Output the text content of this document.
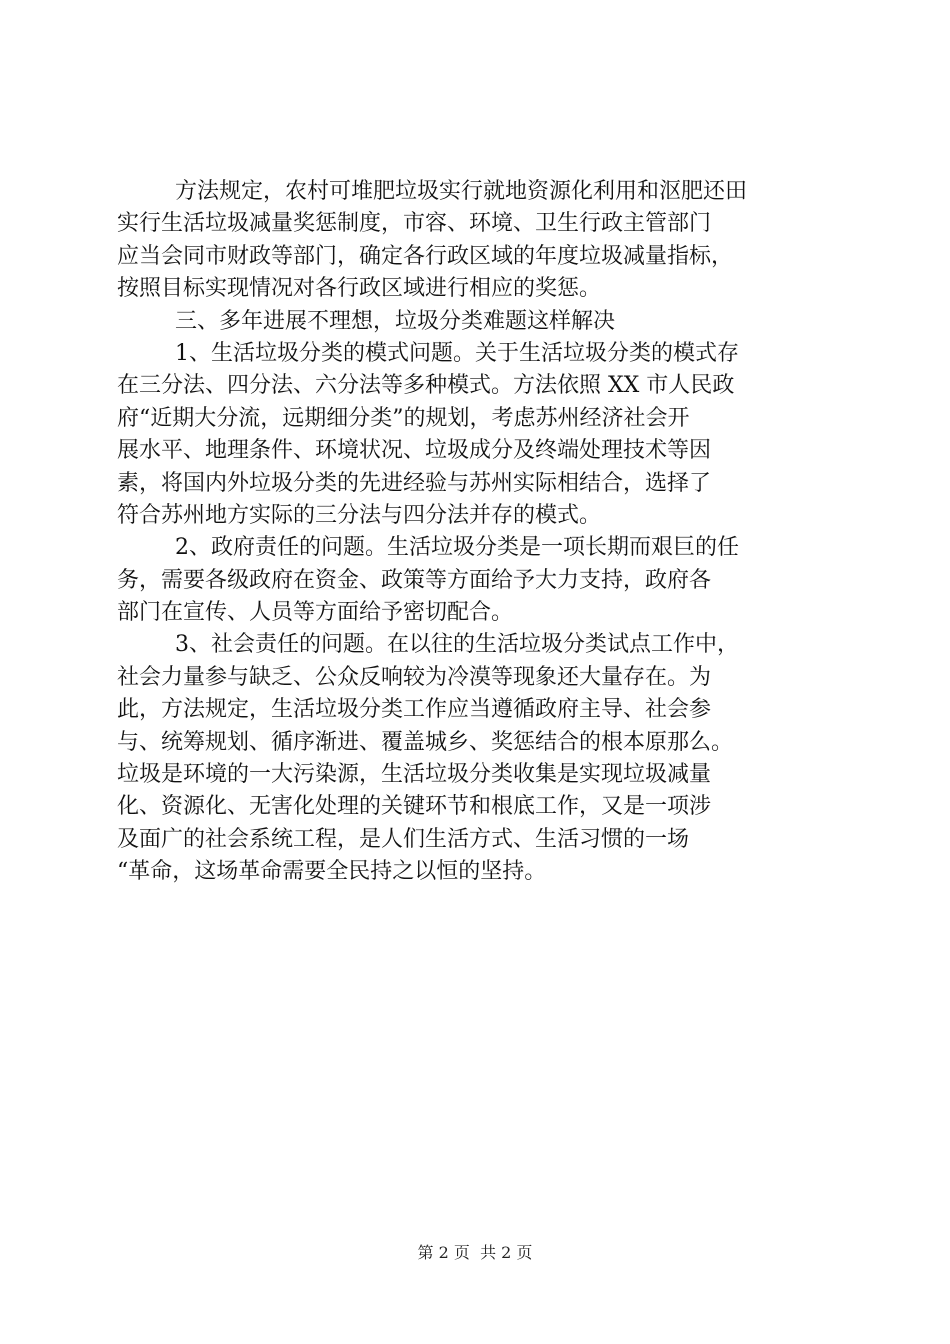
方法规定，农村可堆肥垃圾实行就地资源化利用和沤肥还田
实行生活垃圾减量奖惩制度，市容、环境、卫生行政主管部门
应当会同市财政等部门，确定各行政区域的年度垃圾减量指标，
按照目标实现情况对各行政区域进行相应的奖惩。
三、多年进展不理想，垃圾分类难题这样解决
1、生活垃圾分类的模式问题。关于生活垃圾分类的模式存
在三分法、四分法、六分法等多种模式。方法依照 XX 市人民政
府“近期大分流，远期细分类”的规划，考虑苏州经济社会开
展水平、地理条件、环境状况、垃圾成分及终端处理技术等因
素，将国内外垃圾分类的先进经验与苏州实际相结合，选择了
符合苏州地方实际的三分法与四分法并存的模式。
2、政府责任的问题。生活垃圾分类是一项长期而艰巨的任
务，需要各级政府在资金、政策等方面给予大力支持，政府各
部门在宣传、人员等方面给予密切配合。
3、社会责任的问题。在以往的生活垃圾分类试点工作中，
社会力量参与缺乏、公众反响较为冷漠等现象还大量存在。为
此，方法规定，生活垃圾分类工作应当遵循政府主导、社会参
与、统筹规划、循序渐进、覆盖城乡、奖惩结合的根本原那么。
垃圾是环境的一大污染源，生活垃圾分类收集是实现垃圾减量
化、资源化、无害化处理的关键环节和根底工作，又是一项涉
及面广的社会系统工程，是人们生活方式、生活习惯的一场
“革命，这场革命需要全民持之以恒的坚持。
第 2 页  共 2 页
